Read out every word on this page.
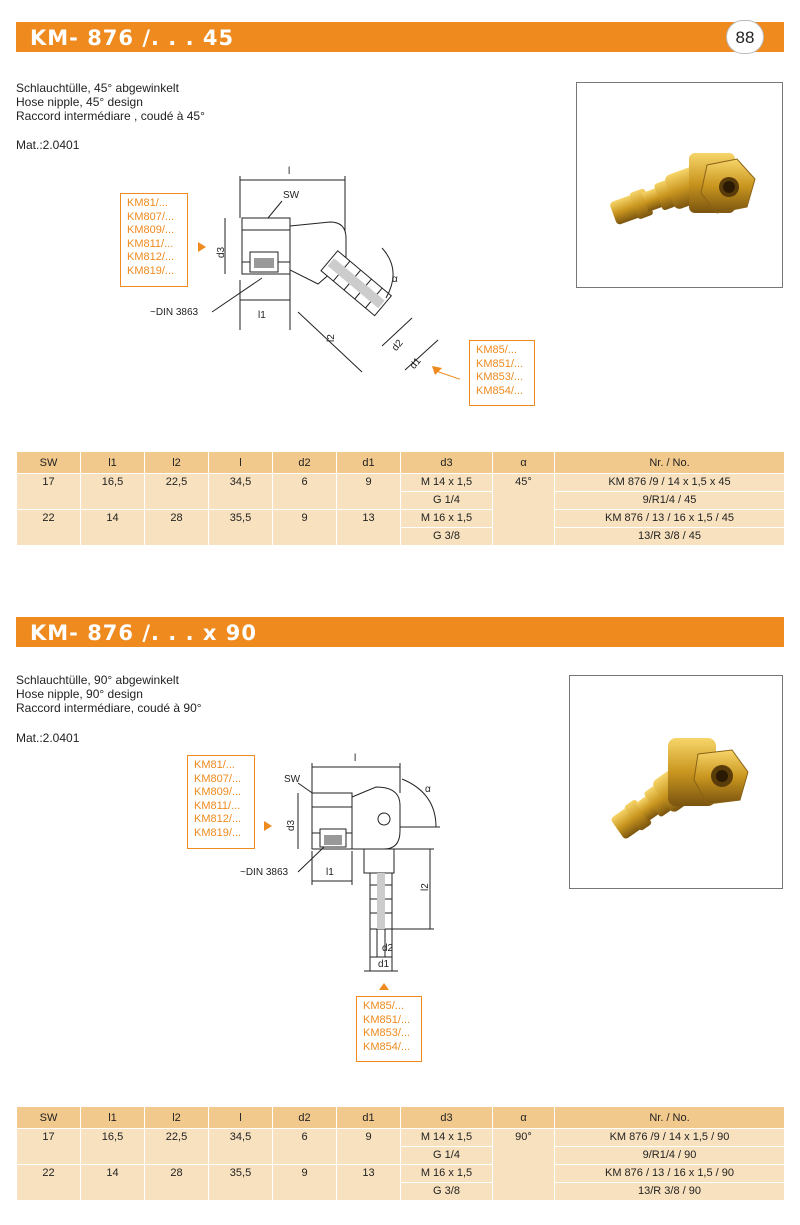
KM- 876 /. . . 45	88
Schlauchtülle, 45° abgewinkelt
Hose nipple, 45° design
Raccord intermédiare , coudé à 45°
Mat.:2.0401
KM81/...
KM807/...
KM809/...
KM811/...
KM812/...
KM819/...
KM85/...
KM851/...
KM853/...
KM854/...
l
SW
d3
α
l1
~DIN 3863
l2	d2
d1
SW	l1	l2	l	d2	d1	d3	α	Nr. / No.
17	16,5	22,5	34,5	6	9	M 14 x 1,5	45°	KM 876 /9 / 14 x 1,5 x 45
						G 1/4		9/R1/4 / 45
22	14	28	35,5	9	13	M 16 x 1,5		KM 876 / 13 / 16 x 1,5 / 45
						G 3/8		13/R 3/8 / 45
KM- 876 /. . . x 90
Schlauchtülle, 90° abgewinkelt
Hose nipple, 90° design
Raccord intermédiare, coudé à 90°
Mat.:2.0401
KM81/...
KM807/...
KM809/...
KM811/...
KM812/...
KM819/...
KM85/...
KM851/...
KM853/...
KM854/...
l
SW
α
d3
l1
~DIN 3863
l2
d2
d1
SW	l1	l2	l	d2	d1	d3	α	Nr. / No.
17	16,5	22,5	34,5	6	9	M 14 x 1,5	90°	KM 876 /9 / 14 x 1,5 / 90
						G 1/4		9/R1/4 / 90
22	14	28	35,5	9	13	M 16 x 1,5		KM 876 / 13 / 16 x 1,5 / 90
						G 3/8		13/R 3/8 / 90
